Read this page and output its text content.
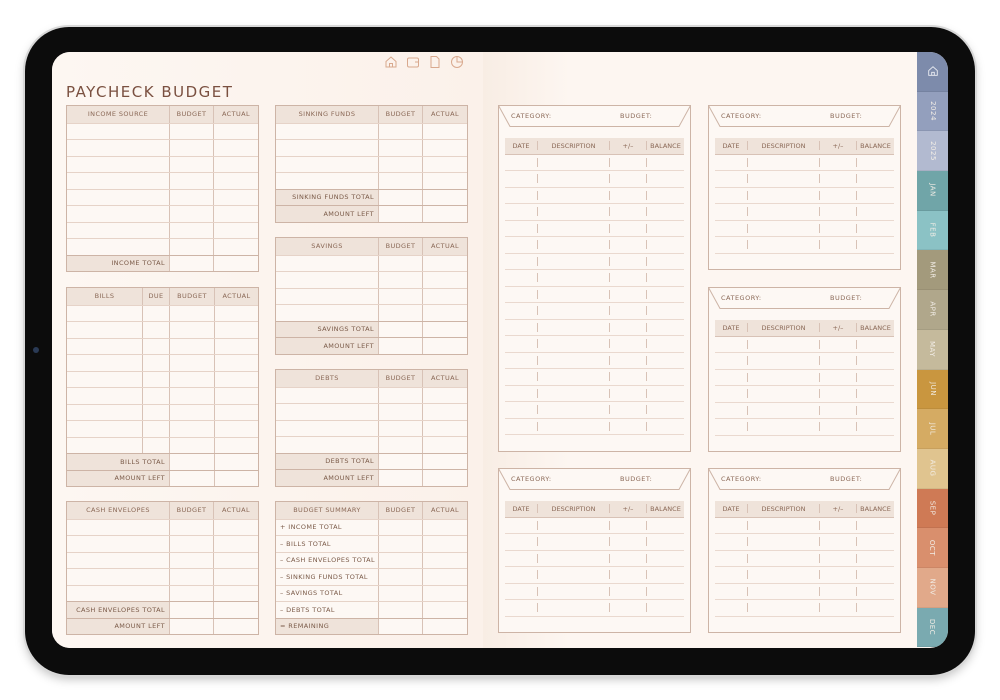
PAYCHECK BUDGET
INCOME SOURCE	BUDGET	ACTUAL
INCOME TOTAL
BILLS	DUE	BUDGET	ACTUAL
BILLS TOTAL
AMOUNT LEFT
CASH ENVELOPES	BUDGET	ACTUAL
CASH ENVELOPES TOTAL
AMOUNT LEFT
SINKING FUNDS	BUDGET	ACTUAL
SINKING FUNDS TOTAL
AMOUNT LEFT
SAVINGS	BUDGET	ACTUAL
SAVINGS TOTAL
AMOUNT LEFT
DEBTS	BUDGET	ACTUAL
DEBTS TOTAL
AMOUNT LEFT
BUDGET SUMMARY	BUDGET	ACTUAL
+ INCOME TOTAL
– BILLS TOTAL
– CASH ENVELOPES TOTAL
– SINKING FUNDS TOTAL
– SAVINGS TOTAL
– DEBTS TOTAL
= REMAINING
CATEGORY:	BUDGET:
DATE	DESCRIPTION	+/–	BALANCE
CATEGORY:	BUDGET:
DATE	DESCRIPTION	+/–	BALANCE
CATEGORY:	BUDGET:
DATE	DESCRIPTION	+/–	BALANCE
CATEGORY:	BUDGET:
DATE	DESCRIPTION	+/–	BALANCE
CATEGORY:	BUDGET:
DATE	DESCRIPTION	+/–	BALANCE
2024
2025
JAN
FEB
MAR
APR
MAY
JUN
JUL
AUG
SEP
OCT
NOV
DEC
